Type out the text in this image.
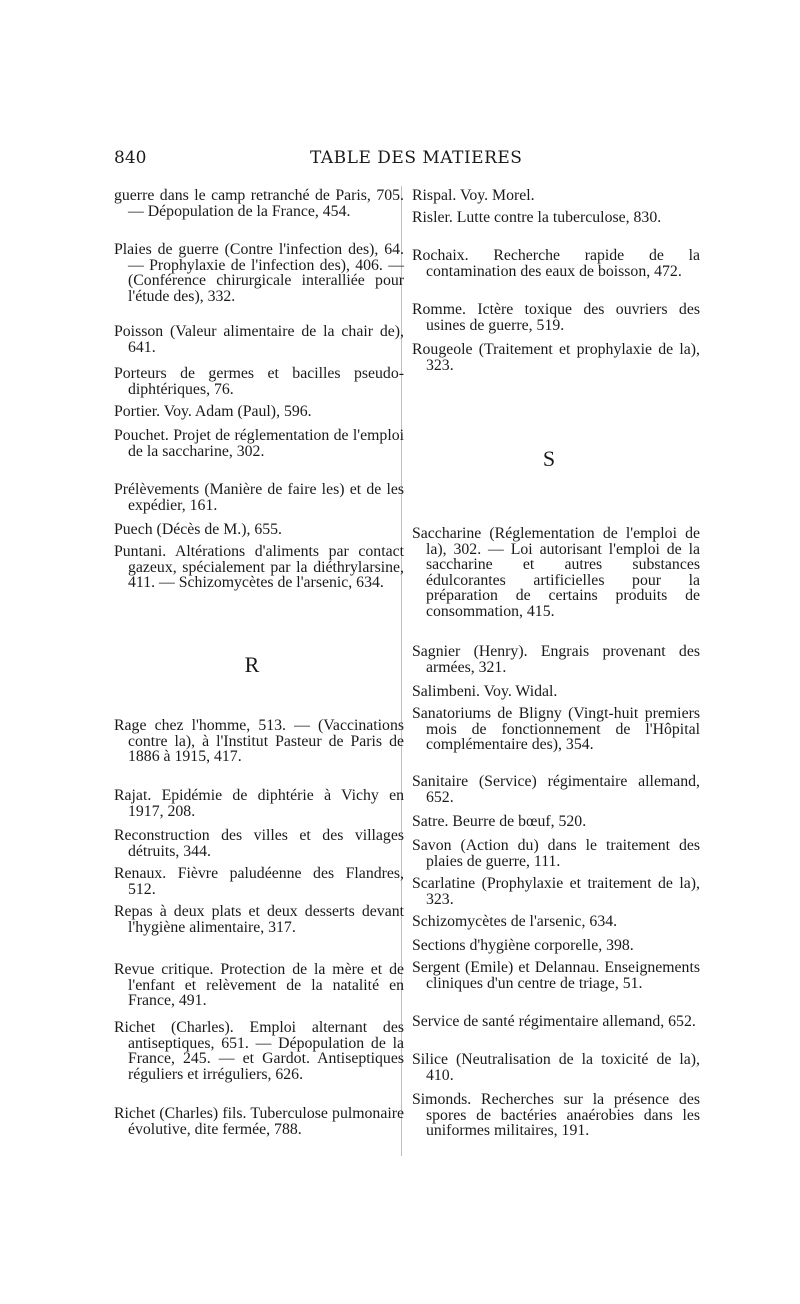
840	TABLE DES MATIERES

guerre dans le camp retranché de Paris, 705. — Dépopulation de la France, 454.

Plaies de guerre (Contre l'infection des), 64. — Prophylaxie de l'infection des), 406. — (Conférence chirurgicale interalliée pour l'étude des), 332.

Poisson (Valeur alimentaire de la chair de), 641.

Porteurs de germes et bacilles pseudo-diphtériques, 76.

Portier. Voy. Adam (Paul), 596.

Pouchet. Projet de réglementation de l'emploi de la saccharine, 302.

Prélèvements (Manière de faire les) et de les expédier, 161.

Puech (Décès de M.), 655.

Puntani. Altérations d'aliments par contact gazeux, spécialement par la diéthrylarsine, 411. — Schizomycètes de l'arsenic, 634.

R

Rage chez l'homme, 513. — (Vaccinations contre la), à l'Institut Pasteur de Paris de 1886 à 1915, 417.

Rajat. Epidémie de diphtérie à Vichy en 1917, 208.

Reconstruction des villes et des villages détruits, 344.

Renaux. Fièvre paludéenne des Flandres, 512.

Repas à deux plats et deux desserts devant l'hygiène alimentaire, 317.

Revue critique. Protection de la mère et de l'enfant et relèvement de la natalité en France, 491.

Richet (Charles). Emploi alternant des antiseptiques, 651. — Dépopulation de la France, 245. — et Gardot. Antiseptiques réguliers et irréguliers, 626.

Richet (Charles) fils. Tuberculose pulmonaire évolutive, dite fermée, 788.

Rispal. Voy. Morel.

Risler. Lutte contre la tuberculose, 830.

Rochaix. Recherche rapide de la contamination des eaux de boisson, 472.

Romme. Ictère toxique des ouvriers des usines de guerre, 519.

Rougeole (Traitement et prophylaxie de la), 323.

S

Saccharine (Réglementation de l'emploi de la), 302. — Loi autorisant l'emploi de la saccharine et autres substances édulcorantes artificielles pour la préparation de certains produits de consommation, 415.

Sagnier (Henry). Engrais provenant des armées, 321.

Salimbeni. Voy. Widal.

Sanatoriums de Bligny (Vingt-huit premiers mois de fonctionnement de l'Hôpital complémentaire des), 354.

Sanitaire (Service) régimentaire allemand, 652.

Satre. Beurre de bœuf, 520.

Savon (Action du) dans le traitement des plaies de guerre, 111.

Scarlatine (Prophylaxie et traitement de la), 323.

Schizomycètes de l'arsenic, 634.

Sections d'hygiène corporelle, 398.

Sergent (Emile) et Delannau. Enseignements cliniques d'un centre de triage, 51.

Service de santé régimentaire allemand, 652.

Silice (Neutralisation de la toxicité de la), 410.

Simonds. Recherches sur la présence des spores de bactéries anaérobies dans les uniformes militaires, 191.
